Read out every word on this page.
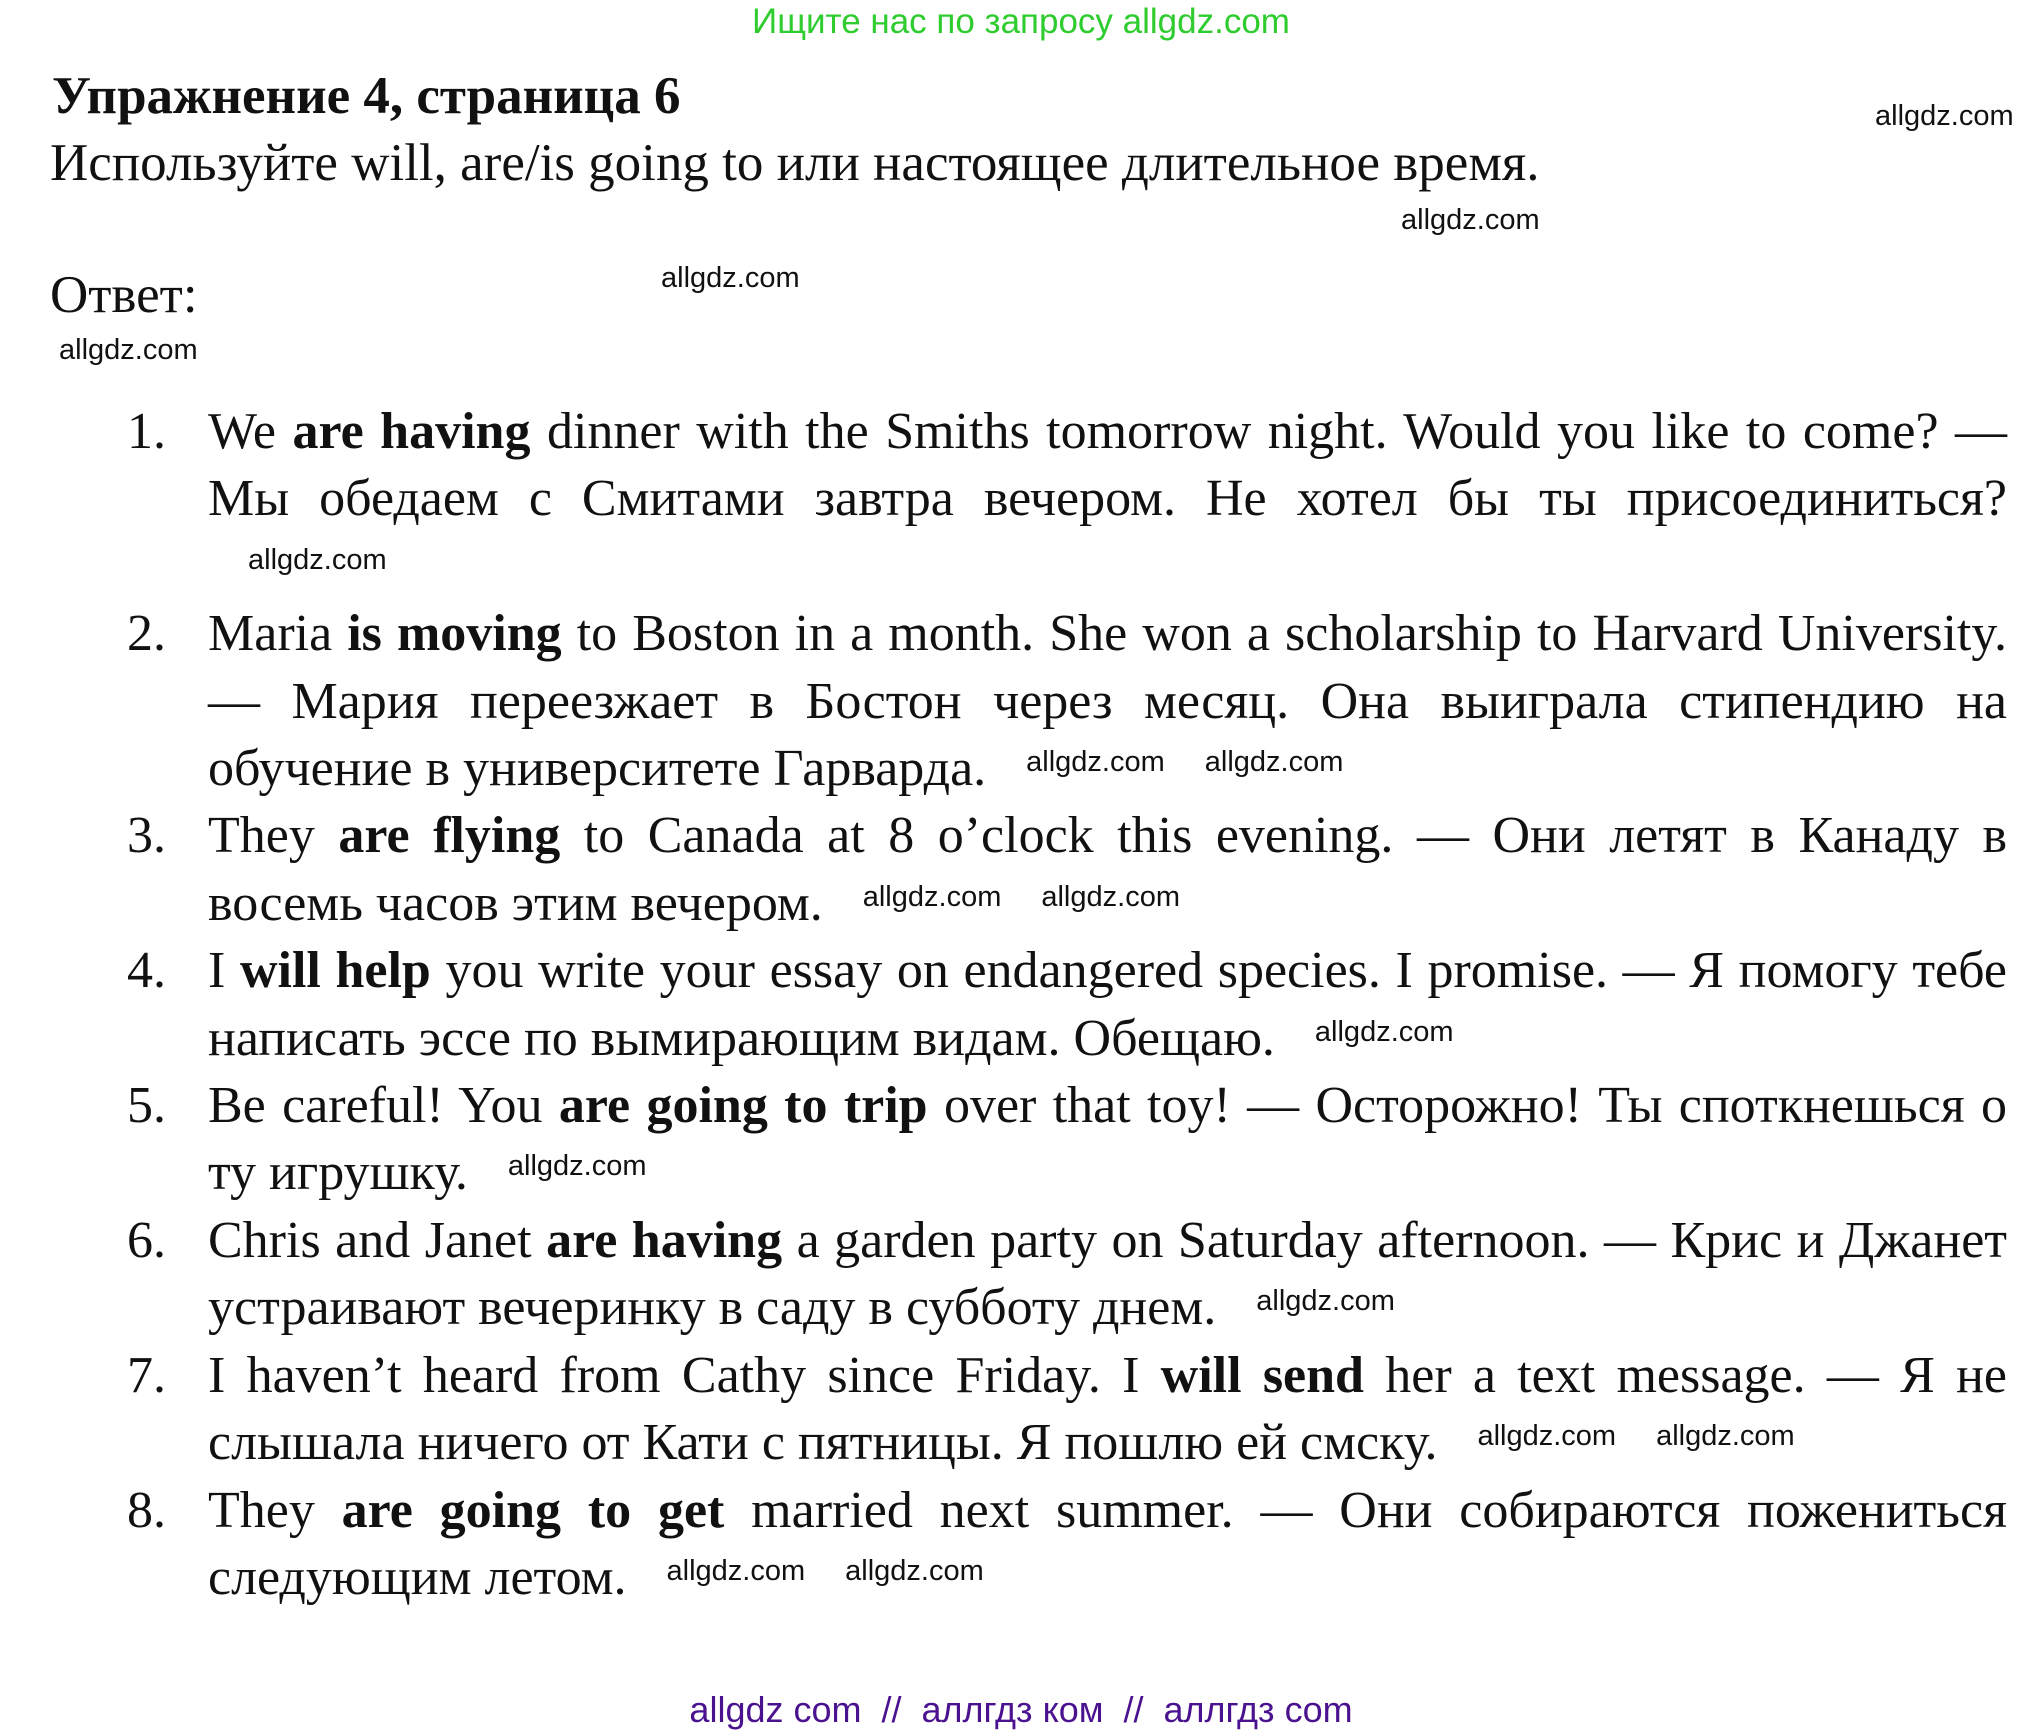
Ищите нас по запросу allgdz.com
Упражнение 4, страница 6
Используйте will, are/is going to или настоящее длительное время.
Ответ:
1. We are having dinner with the Smiths tomorrow night. Would you like to come? — Мы обедаем с Смитами завтра вечером. Не хотел бы ты присоединиться?allgdz.com
2. Maria is moving to Boston in a month. She won a scholarship to Harvard University. — Мария переезжает в Бостон через месяц. Она выиграла стипендию на обучение в университете Гарварда. allgdz.com allgdz.com
3. They are flying to Canada at 8 o’clock this evening. — Они летят в Канаду в восемь часов этим вечером. allgdz.com allgdz.com
4. I will help you write your essay on endangered species. I promise. — Я помогу тебе написать эссе по вымирающим видам. Обещаю. allgdz.com
5. Be careful! You are going to trip over that toy! — Осторожно! Ты споткнешься о ту игрушку. allgdz.com
6. Chris and Janet are having a garden party on Saturday afternoon. — Крис и Джанет устраивают вечеринку в саду в субботу днем. allgdz.com
7. I haven’t heard from Cathy since Friday. I will send her a text message. — Я не слышала ничего от Кати с пятницы. Я пошлю ей смску. allgdz.com allgdz.com
8. They are going to get married next summer. — Они собираются пожениться следующим летом. allgdz.com allgdz.com
allgdz.com
allgdz.com
allgdz.com
allgdz.com
allgdz com  //  аллгдз ком  //  аллгдз com
